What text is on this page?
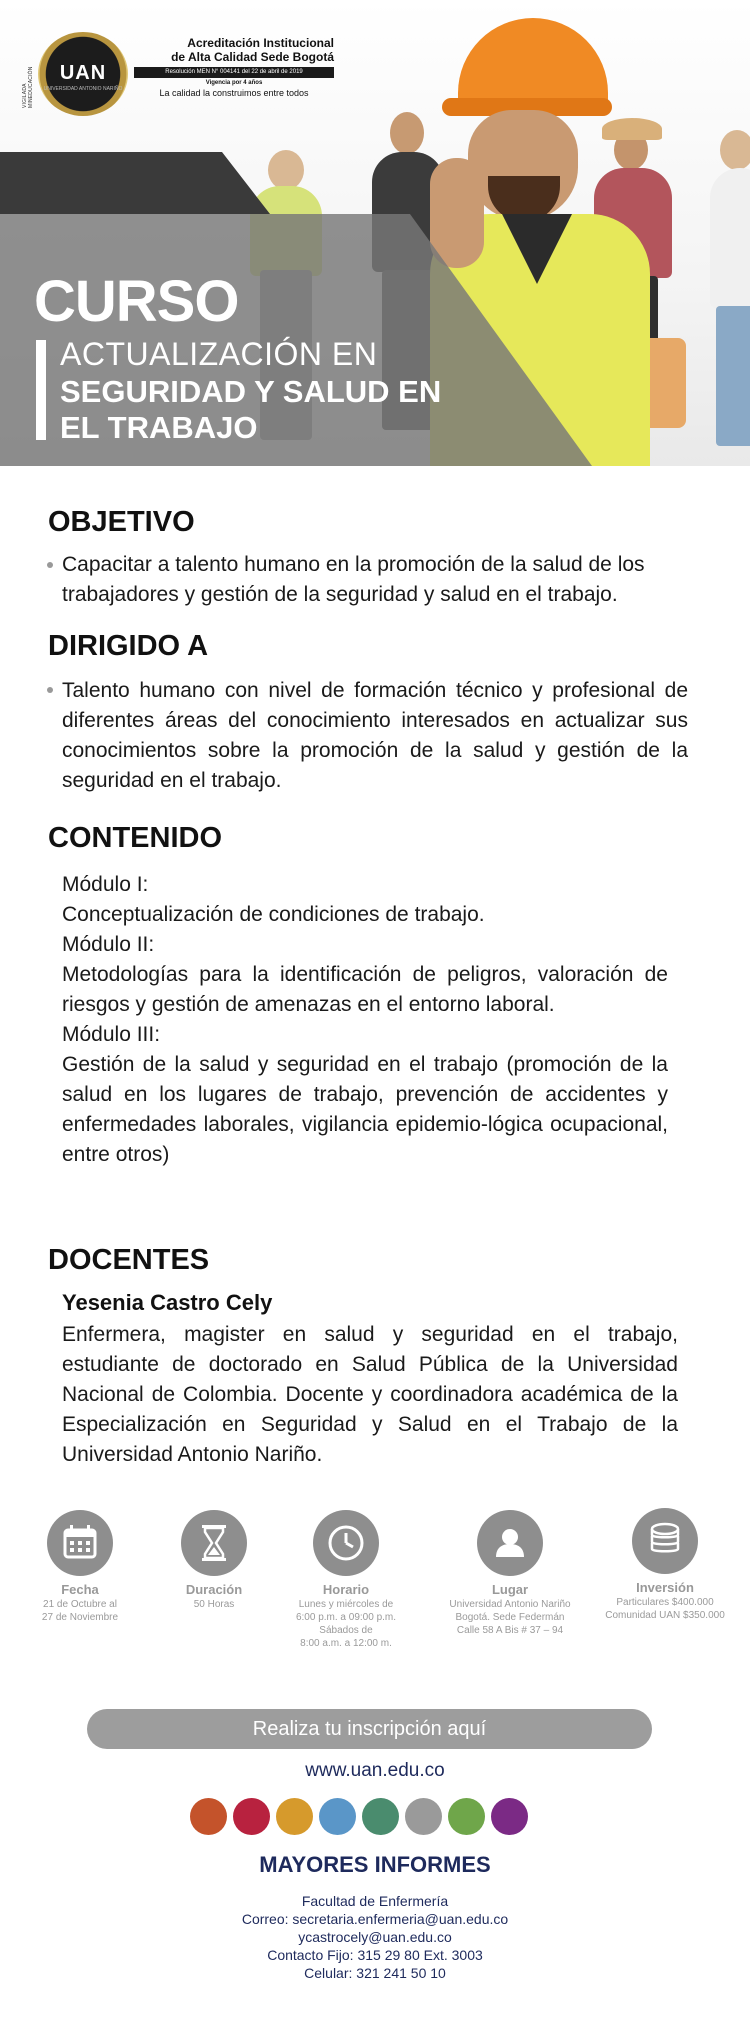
VIGILADA MINEDUCACIÓN	UAN
UNIVERSIDAD ANTONIO NARIÑO
Acreditación Institucional
de Alta Calidad Sede Bogotá
Resolución MEN N° 004141 del 22 de abril de 2019
Vigencia por 4 años
La calidad la construimos entre todos
CURSO
ACTUALIZACIÓN EN
SEGURIDAD Y SALUD EN
EL TRABAJO
OBJETIVO
Capacitar a talento humano en la promoción de la salud de los
trabajadores y gestión de la seguridad y salud en el trabajo.
DIRIGIDO A
Talento humano con nivel de formación técnico y profesional de diferentes áreas del conocimiento interesados en actualizar sus conocimientos sobre la promoción de la salud y gestión de la seguridad en el trabajo.
CONTENIDO
Módulo I:
Conceptualización de condiciones de trabajo.
Módulo II:
Metodologías para la identificación de peligros, valoración de riesgos y gestión de amenazas en el entorno laboral.
Módulo III:
Gestión de la salud y seguridad en el trabajo (promoción de la salud en los lugares de trabajo, prevención de accidentes y enfermedades laborales, vigilancia epidemio-lógica ocupacional, entre otros)
DOCENTES
Yesenia Castro Cely
Enfermera, magister en salud y seguridad en el trabajo, estudiante de doctorado en Salud Pública de la Universidad Nacional de Colombia. Docente y coordinadora académica de la Especialización en Seguridad y Salud en el Trabajo de la Universidad Antonio Nariño.
Fecha
21 de Octubre al
27 de Noviembre
Duración
50 Horas
Horario
Lunes y miércoles de
6:00 p.m. a 09:00 p.m.
Sábados de
8:00 a.m. a 12:00 m.
Lugar
Universidad Antonio Nariño
Bogotá. Sede Federmán
Calle 58 A Bis # 37 – 94
Inversión
Particulares $400.000
Comunidad UAN $350.000
Realiza tu inscripción aquí
www.uan.edu.co
MAYORES INFORMES
Facultad de Enfermería
Correo: secretaria.enfermeria@uan.edu.co
ycastrocely@uan.edu.co
Contacto Fijo: 315 29 80 Ext. 3003
Celular: 321 241 50 10
